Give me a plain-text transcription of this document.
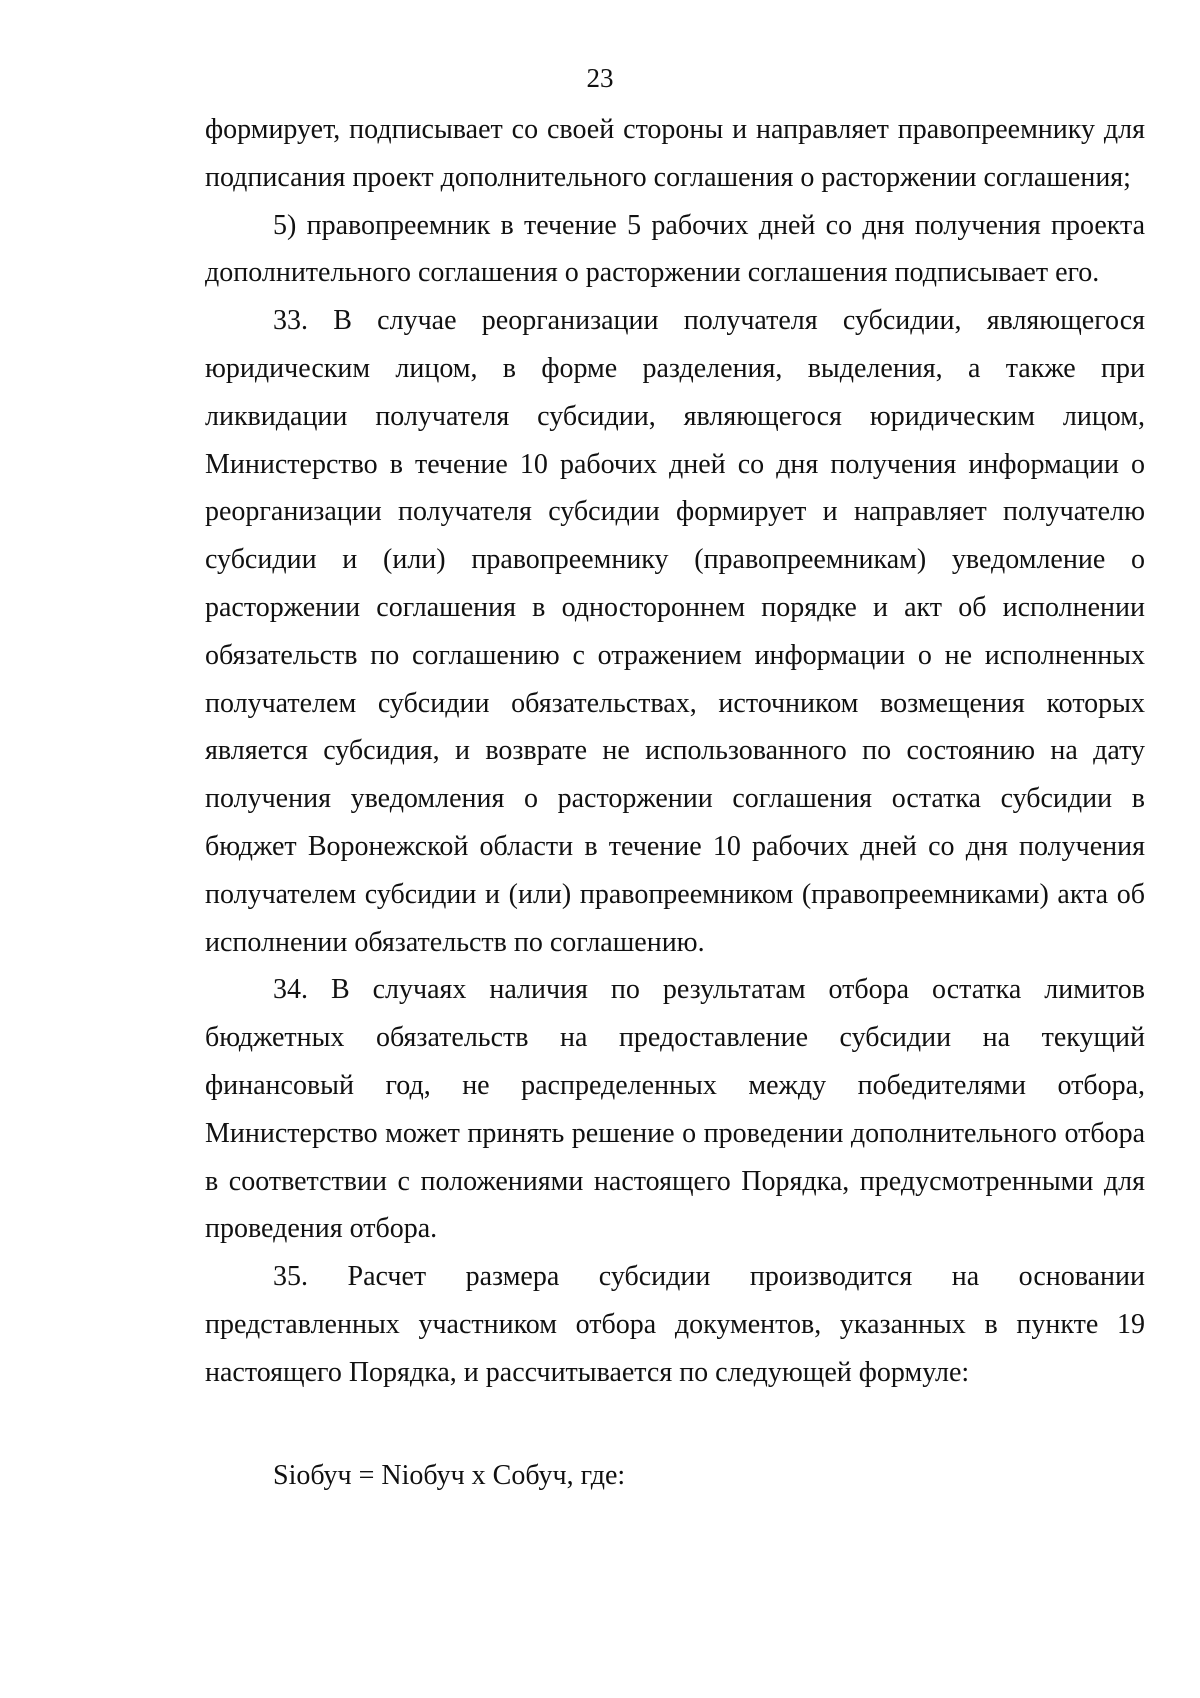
23

формирует, подписывает со своей стороны и направляет правопреемнику для подписания проект дополнительного соглашения о расторжении соглашения;

5) правопреемник в течение 5 рабочих дней со дня получения проекта дополнительного соглашения о расторжении соглашения подписывает его.

33. В случае реорганизации получателя субсидии, являющегося юридическим лицом, в форме разделения, выделения, а также при ликвидации получателя субсидии, являющегося юридическим лицом, Министерство в течение 10 рабочих дней со дня получения информации о реорганизации получателя субсидии формирует и направляет получателю субсидии и (или) правопреемнику (правопреемникам) уведомление о расторжении соглашения в одностороннем порядке и акт об исполнении обязательств по соглашению с отражением информации о не исполненных получателем субсидии обязательствах, источником возмещения которых является субсидия, и возврате не использованного по состоянию на дату получения уведомления о расторжении соглашения остатка субсидии в бюджет Воронежской области в течение 10 рабочих дней со дня получения получателем субсидии и (или) правопреемником (правопреемниками) акта об исполнении обязательств по соглашению.

34. В случаях наличия по результатам отбора остатка лимитов бюджетных обязательств на предоставление субсидии на текущий финансовый год, не распределенных между победителями отбора, Министерство может принять решение о проведении дополнительного отбора в соответствии с положениями настоящего Порядка, предусмотренными для проведения отбора.

35. Расчет размера субсидии производится на основании представленных участником отбора документов, указанных в пункте 19 настоящего Порядка, и рассчитывается по следующей формуле:

Siобуч = Niобуч х Собуч, где:
